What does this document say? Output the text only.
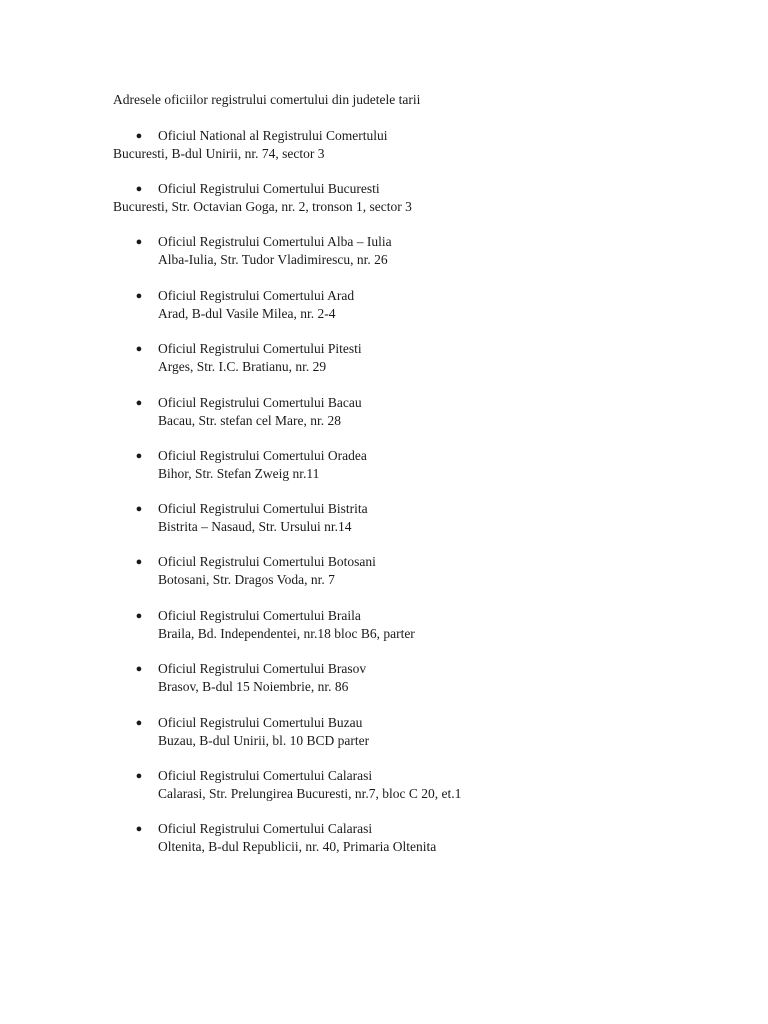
Adresele oficiilor registrului comertului din judetele tarii
● Oficiul National al Registrului Comertului
Bucuresti, B-dul Unirii, nr. 74, sector 3
● Oficiul Registrului Comertului Bucuresti
Bucuresti, Str. Octavian Goga, nr. 2, tronson 1, sector 3
● Oficiul Registrului Comertului Alba – Iulia
Alba-Iulia, Str. Tudor Vladimirescu, nr. 26
● Oficiul Registrului Comertului Arad
Arad, B-dul Vasile Milea, nr. 2-4
● Oficiul Registrului Comertului Pitesti
Arges, Str. I.C. Bratianu, nr. 29
● Oficiul Registrului Comertului Bacau
Bacau, Str. stefan cel Mare, nr. 28
● Oficiul Registrului Comertului Oradea
Bihor, Str. Stefan Zweig nr.11
● Oficiul Registrului Comertului Bistrita
Bistrita – Nasaud, Str. Ursului nr.14
● Oficiul Registrului Comertului Botosani
Botosani, Str. Dragos Voda, nr. 7
● Oficiul Registrului Comertului Braila
Braila, Bd. Independentei, nr.18 bloc B6, parter
● Oficiul Registrului Comertului Brasov
Brasov, B-dul 15 Noiembrie, nr. 86
● Oficiul Registrului Comertului Buzau
Buzau, B-dul Unirii, bl. 10 BCD parter
● Oficiul Registrului Comertului Calarasi
Calarasi, Str. Prelungirea Bucuresti, nr.7, bloc C 20, et.1
● Oficiul Registrului Comertului Calarasi
Oltenita, B-dul Republicii, nr. 40, Primaria Oltenita
